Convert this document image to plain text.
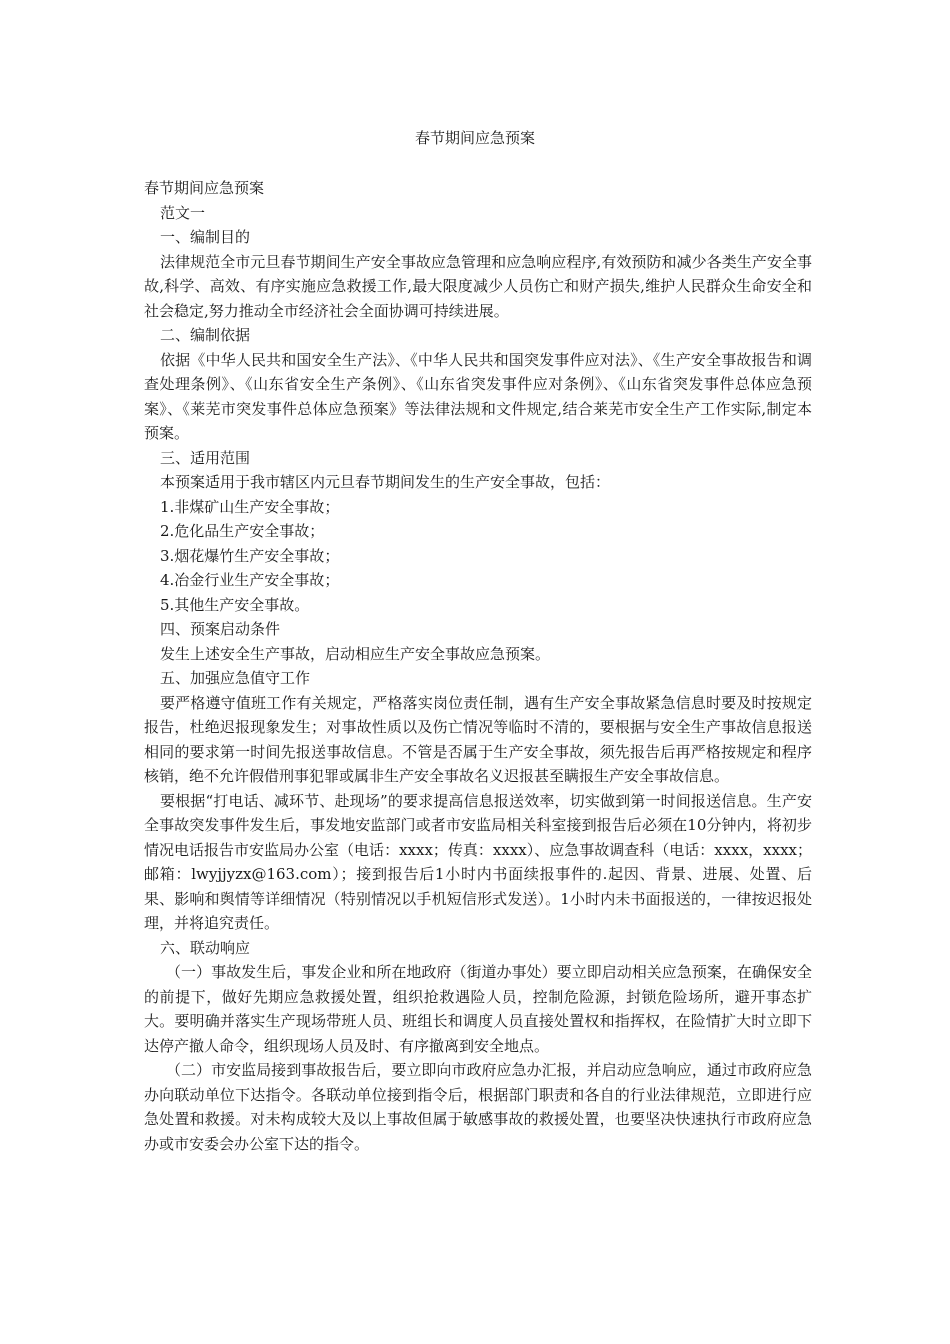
春节期间应急预案

春节期间应急预案

范文一

一、编制目的

法律规范全市元旦春节期间生产安全事故应急管理和应急响应程序,有效预防和减少各类生产安全事故,科学、高效、有序实施应急救援工作,最大限度减少人员伤亡和财产损失,维护人民群众生命安全和社会稳定,努力推动全市经济社会全面协调可持续进展。

二、编制依据

依据《中华人民共和国安全生产法》、《中华人民共和国突发事件应对法》、《生产安全事故报告和调查处理条例》、《山东省安全生产条例》、《山东省突发事件应对条例》、《山东省突发事件总体应急预案》、《莱芜市突发事件总体应急预案》等法律法规和文件规定,结合莱芜市安全生产工作实际,制定本预案。

三、适用范围

本预案适用于我市辖区内元旦春节期间发生的生产安全事故，包括：

1.非煤矿山生产安全事故；

2.危化品生产安全事故；

3.烟花爆竹生产安全事故；

4.冶金行业生产安全事故；

5.其他生产安全事故。

四、预案启动条件

发生上述安全生产事故，启动相应生产安全事故应急预案。

五、加强应急值守工作

要严格遵守值班工作有关规定，严格落实岗位责任制，遇有生产安全事故紧急信息时要及时按规定报告，杜绝迟报现象发生；对事故性质以及伤亡情况等临时不清的，要根据与安全生产事故信息报送相同的要求第一时间先报送事故信息。不管是否属于生产安全事故，须先报告后再严格按规定和程序核销，绝不允许假借刑事犯罪或属非生产安全事故名义迟报甚至瞒报生产安全事故信息。

要根据“打电话、减环节、赴现场”的要求提高信息报送效率，切实做到第一时间报送信息。生产安全事故突发事件发生后，事发地安监部门或者市安监局相关科室接到报告后必须在10分钟内，将初步情况电话报告市安监局办公室（电话：xxxx；传真：xxxx）、应急事故调查科（电话：xxxx，xxxx；邮箱：lwyjjyzx@163.com）；接到报告后1小时内书面续报事件的.起因、背景、进展、处置、后果、影响和舆情等详细情况（特别情况以手机短信形式发送）。1小时内未书面报送的，一律按迟报处理，并将追究责任。

六、联动响应

（一）事故发生后，事发企业和所在地政府（街道办事处）要立即启动相关应急预案，在确保安全的前提下，做好先期应急救援处置，组织抢救遇险人员，控制危险源，封锁危险场所，避开事态扩大。要明确并落实生产现场带班人员、班组长和调度人员直接处置权和指挥权，在险情扩大时立即下达停产撤人命令，组织现场人员及时、有序撤离到安全地点。

（二）市安监局接到事故报告后，要立即向市政府应急办汇报，并启动应急响应，通过市政府应急办向联动单位下达指令。各联动单位接到指令后，根据部门职责和各自的行业法律规范，立即进行应急处置和救援。对未构成较大及以上事故但属于敏感事故的救援处置，也要坚决快速执行市政府应急办或市安委会办公室下达的指令。
